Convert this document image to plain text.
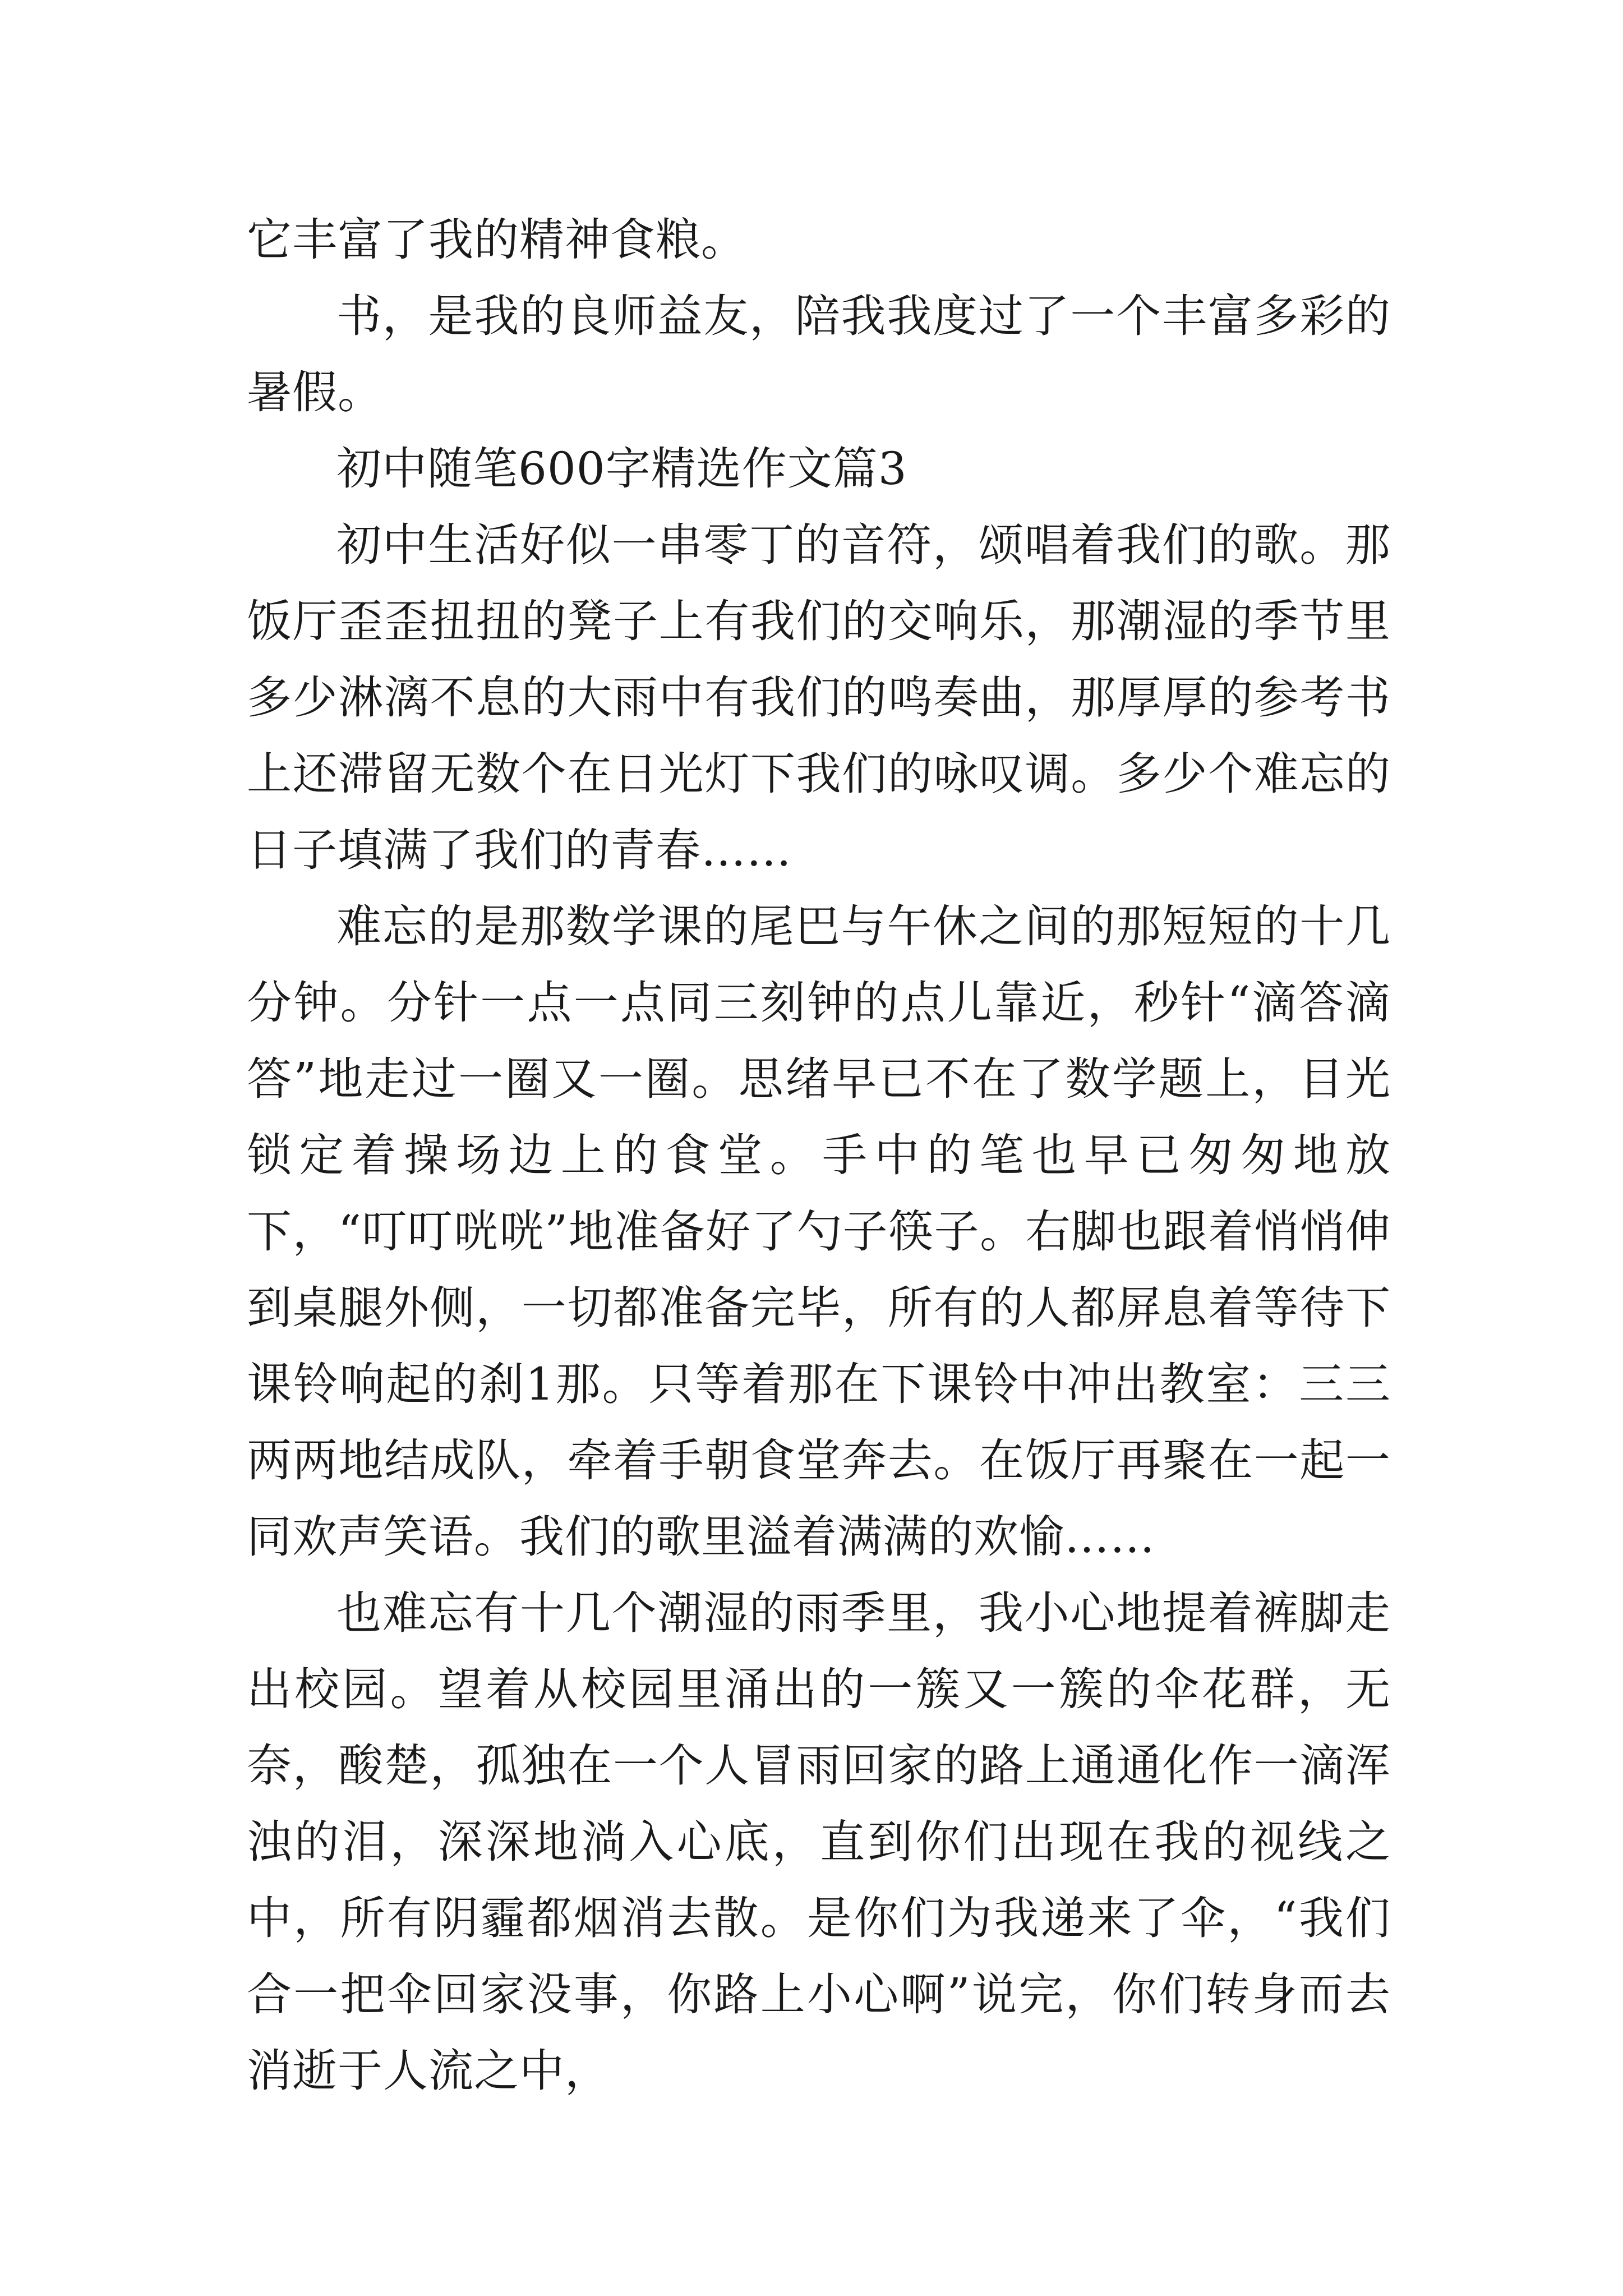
它丰富了我的精神食粮。

书，是我的良师益友，陪我我度过了一个丰富多彩的暑假。

初中随笔600字精选作文篇3

初中生活好似一串零丁的音符，颂唱着我们的歌。那饭厅歪歪扭扭的凳子上有我们的交响乐，那潮湿的季节里多少淋漓不息的大雨中有我们的鸣奏曲，那厚厚的参考书上还滞留无数个在日光灯下我们的咏叹调。多少个难忘的日子填满了我们的青春……

难忘的是那数学课的尾巴与午休之间的那短短的十几分钟。分针一点一点同三刻钟的点儿靠近，秒针“滴答滴答”地走过一圈又一圈。思绪早已不在了数学题上，目光锁定着操场边上的食堂。手中的笔也早已匆匆地放下，“叮叮咣咣”地准备好了勺子筷子。右脚也跟着悄悄伸到桌腿外侧，一切都准备完毕，所有的人都屏息着等待下课铃响起的刹1那。只等着那在下课铃中冲出教室：三三两两地结成队，牵着手朝食堂奔去。在饭厅再聚在一起一同欢声笑语。我们的歌里溢着满满的欢愉……

也难忘有十几个潮湿的雨季里，我小心地提着裤脚走出校园。望着从校园里涌出的一簇又一簇的伞花群，无奈，酸楚，孤独在一个人冒雨回家的路上通通化作一滴浑浊的泪，深深地淌入心底，直到你们出现在我的视线之中，所有阴霾都烟消去散。是你们为我递来了伞，“我们合一把伞回家没事，你路上小心啊”说完，你们转身而去消逝于人流之中，
